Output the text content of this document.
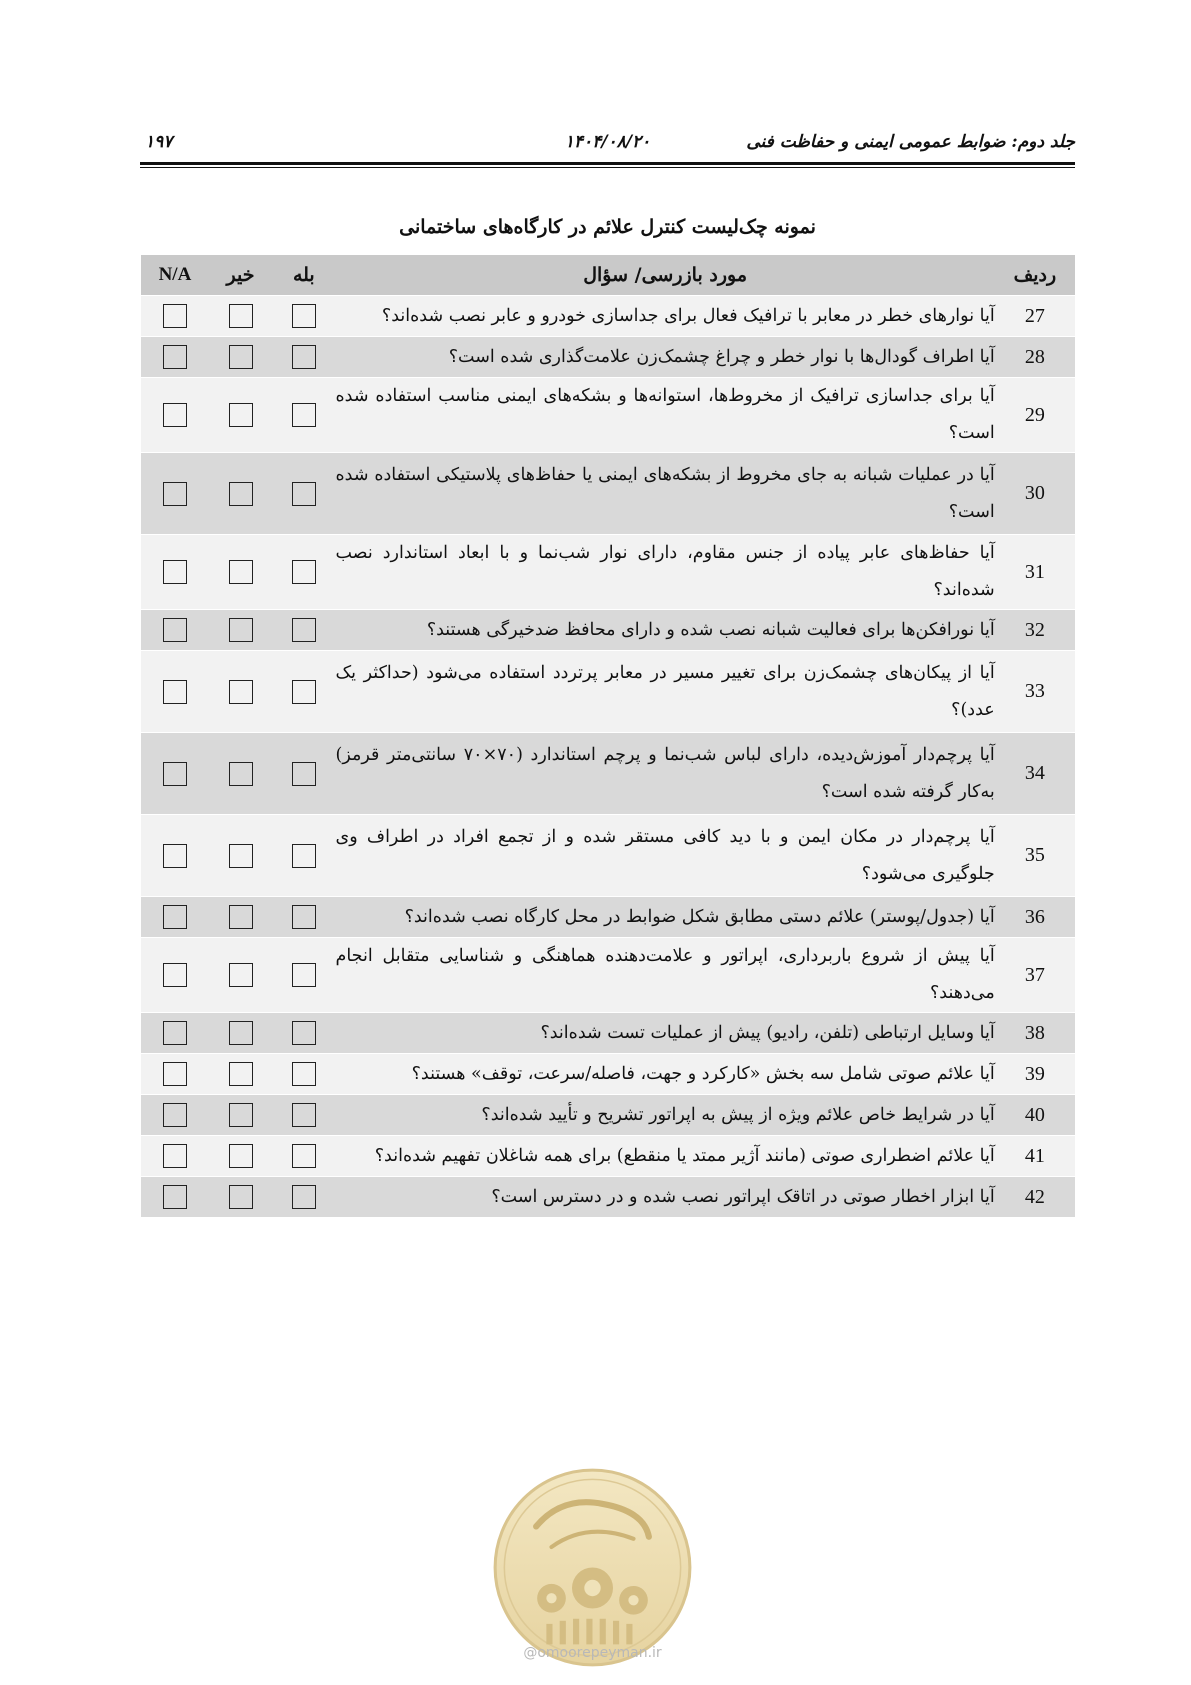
جلد دوم: ضوابط عمومی ایمنی و حفاظت فنی
۱۴۰۴/۰۸/۲۰
۱۹۷
نمونه چک‌لیست کنترل علائم در کارگاه‌های ساختمانی
ردیف	مورد بازرسی/ سؤال	بله	خیر	N/A
27	آیا نوارهای خطر در معابر با ترافیک فعال برای جداسازی خودرو و عابر نصب شده‌اند؟			
28	آیا اطراف گودال‌ها با نوار خطر و چراغ چشمک‌زن علامت‌گذاری شده است؟			
29	آیا برای جداسازی ترافیک از مخروط‌ها، استوانه‌ها و بشکه‌های ایمنی مناسب استفاده شده است؟			
30	آیا در عملیات شبانه به جای مخروط از بشکه‌های ایمنی یا حفاظ‌های پلاستیکی استفاده شده است؟			
31	آیا حفاظ‌های عابر پیاده از جنس مقاوم، دارای نوار شب‌نما و با ابعاد استاندارد نصب شده‌اند؟			
32	آیا نورافکن‌ها برای فعالیت شبانه نصب شده و دارای محافظ ضدخیرگی هستند؟			
33	آیا از پیکان‌های چشمک‌زن برای تغییر مسیر در معابر پرتردد استفاده می‌شود (حداکثر یک عدد)؟			
34	آیا پرچم‌دار آموزش‌دیده، دارای لباس شب‌نما و پرچم استاندارد (۷۰×۷۰ سانتی‌متر قرمز) به‌کار گرفته شده است؟			
35	آیا پرچم‌دار در مکان ایمن و با دید کافی مستقر شده و از تجمع افراد در اطراف وی جلوگیری می‌شود؟			
36	آیا (جدول/پوستر) علائم دستی مطابق شکل ضوابط در محل کارگاه نصب شده‌اند؟			
37	آیا پیش از شروع باربرداری، اپراتور و علامت‌دهنده هماهنگی و شناسایی متقابل انجام می‌دهند؟			
38	آیا وسایل ارتباطی (تلفن، رادیو) پیش از عملیات تست شده‌اند؟			
39	آیا علائم صوتی شامل سه بخش «کارکرد و جهت، فاصله/سرعت، توقف» هستند؟			
40	آیا در شرایط خاص علائم ویژه از پیش به اپراتور تشریح و تأیید شده‌اند؟			
41	آیا علائم اضطراری صوتی (مانند آژیر ممتد یا منقطع) برای همه شاغلان تفهیم شده‌اند؟			
42	آیا ابزار اخطار صوتی در اتاقک اپراتور نصب شده و در دسترس است؟			
@omoorepeyman.ir
